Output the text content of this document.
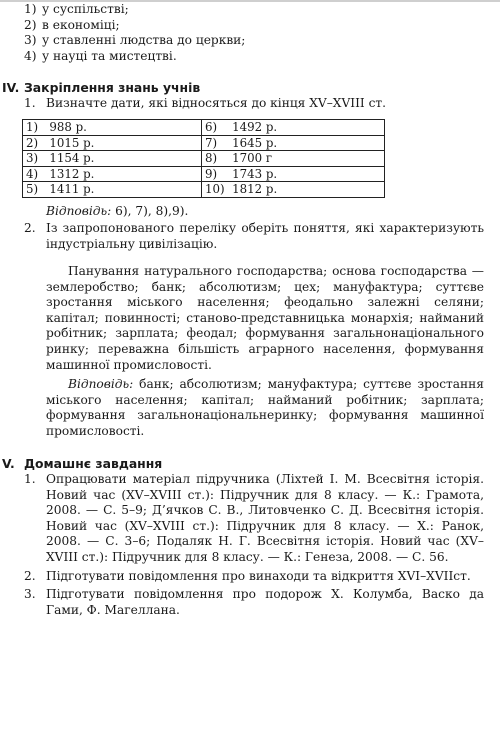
1) у суспільстві;
2) в економіці;
3) у ставленні людства до церкви;
4) у науці та мистецтві.
IV. Закріплення знань учнів
1. Визначте дати, які відносяться до кінця XV–XVIII ст.
1) 988 р.	6) 1492 р.
2) 1015 р.	7) 1645 р.
3) 1154 р.	8) 1700 г
4) 1312 р.	9) 1743 р.
5) 1411 р.	10) 1812 р.
Відповідь: 6), 7), 8),9).
2. Із запропонованого переліку оберіть поняття, які характеризують індустріальну цивілізацію.

Панування натурального господарства; основа господарства — землеробство; банк; абсолютизм; цех; мануфактура; суттєве зростання міського населення; феодально залежні селяни; капітал; повинності; станово-представницька монархія; найманий робітник; зарплата; феодал; формування загальнонаціонального ринку; переважна більшість аграрного населення, формування машинної промисловості.

Відповідь: банк; абсолютизм; мануфактура; суттєве зростання міського населення; капітал; найманий робітник; зарплата; формування загальнонаціональнеринку; формування машинної промисловості.

V. Домашнє завдання
1. Опрацювати матеріал підручника (Ліхтей І. М. Всесвітня історія. Новий час (XV–XVIII ст.): Підручник для 8 класу. — К.: Грамота, 2008. — С. 5–9; Д’ячков С. В., Литовченко С. Д. Всесвітня історія. Новий час (XV–XVIII ст.): Підручник для 8 класу. — Х.: Ранок, 2008. — С. 3–6; Подаляк Н. Г. Всесвітня історія. Новий час (XV–XVIII ст.): Підручник для 8 класу. — К.: Генеза, 2008. — С. 56.
2. Підготувати повідомлення про винаходи та відкриття XVI–XVIIст.
3. Підготувати повідомлення про подорож Х. Колумба, Васко да Гами, Ф. Магеллана.
